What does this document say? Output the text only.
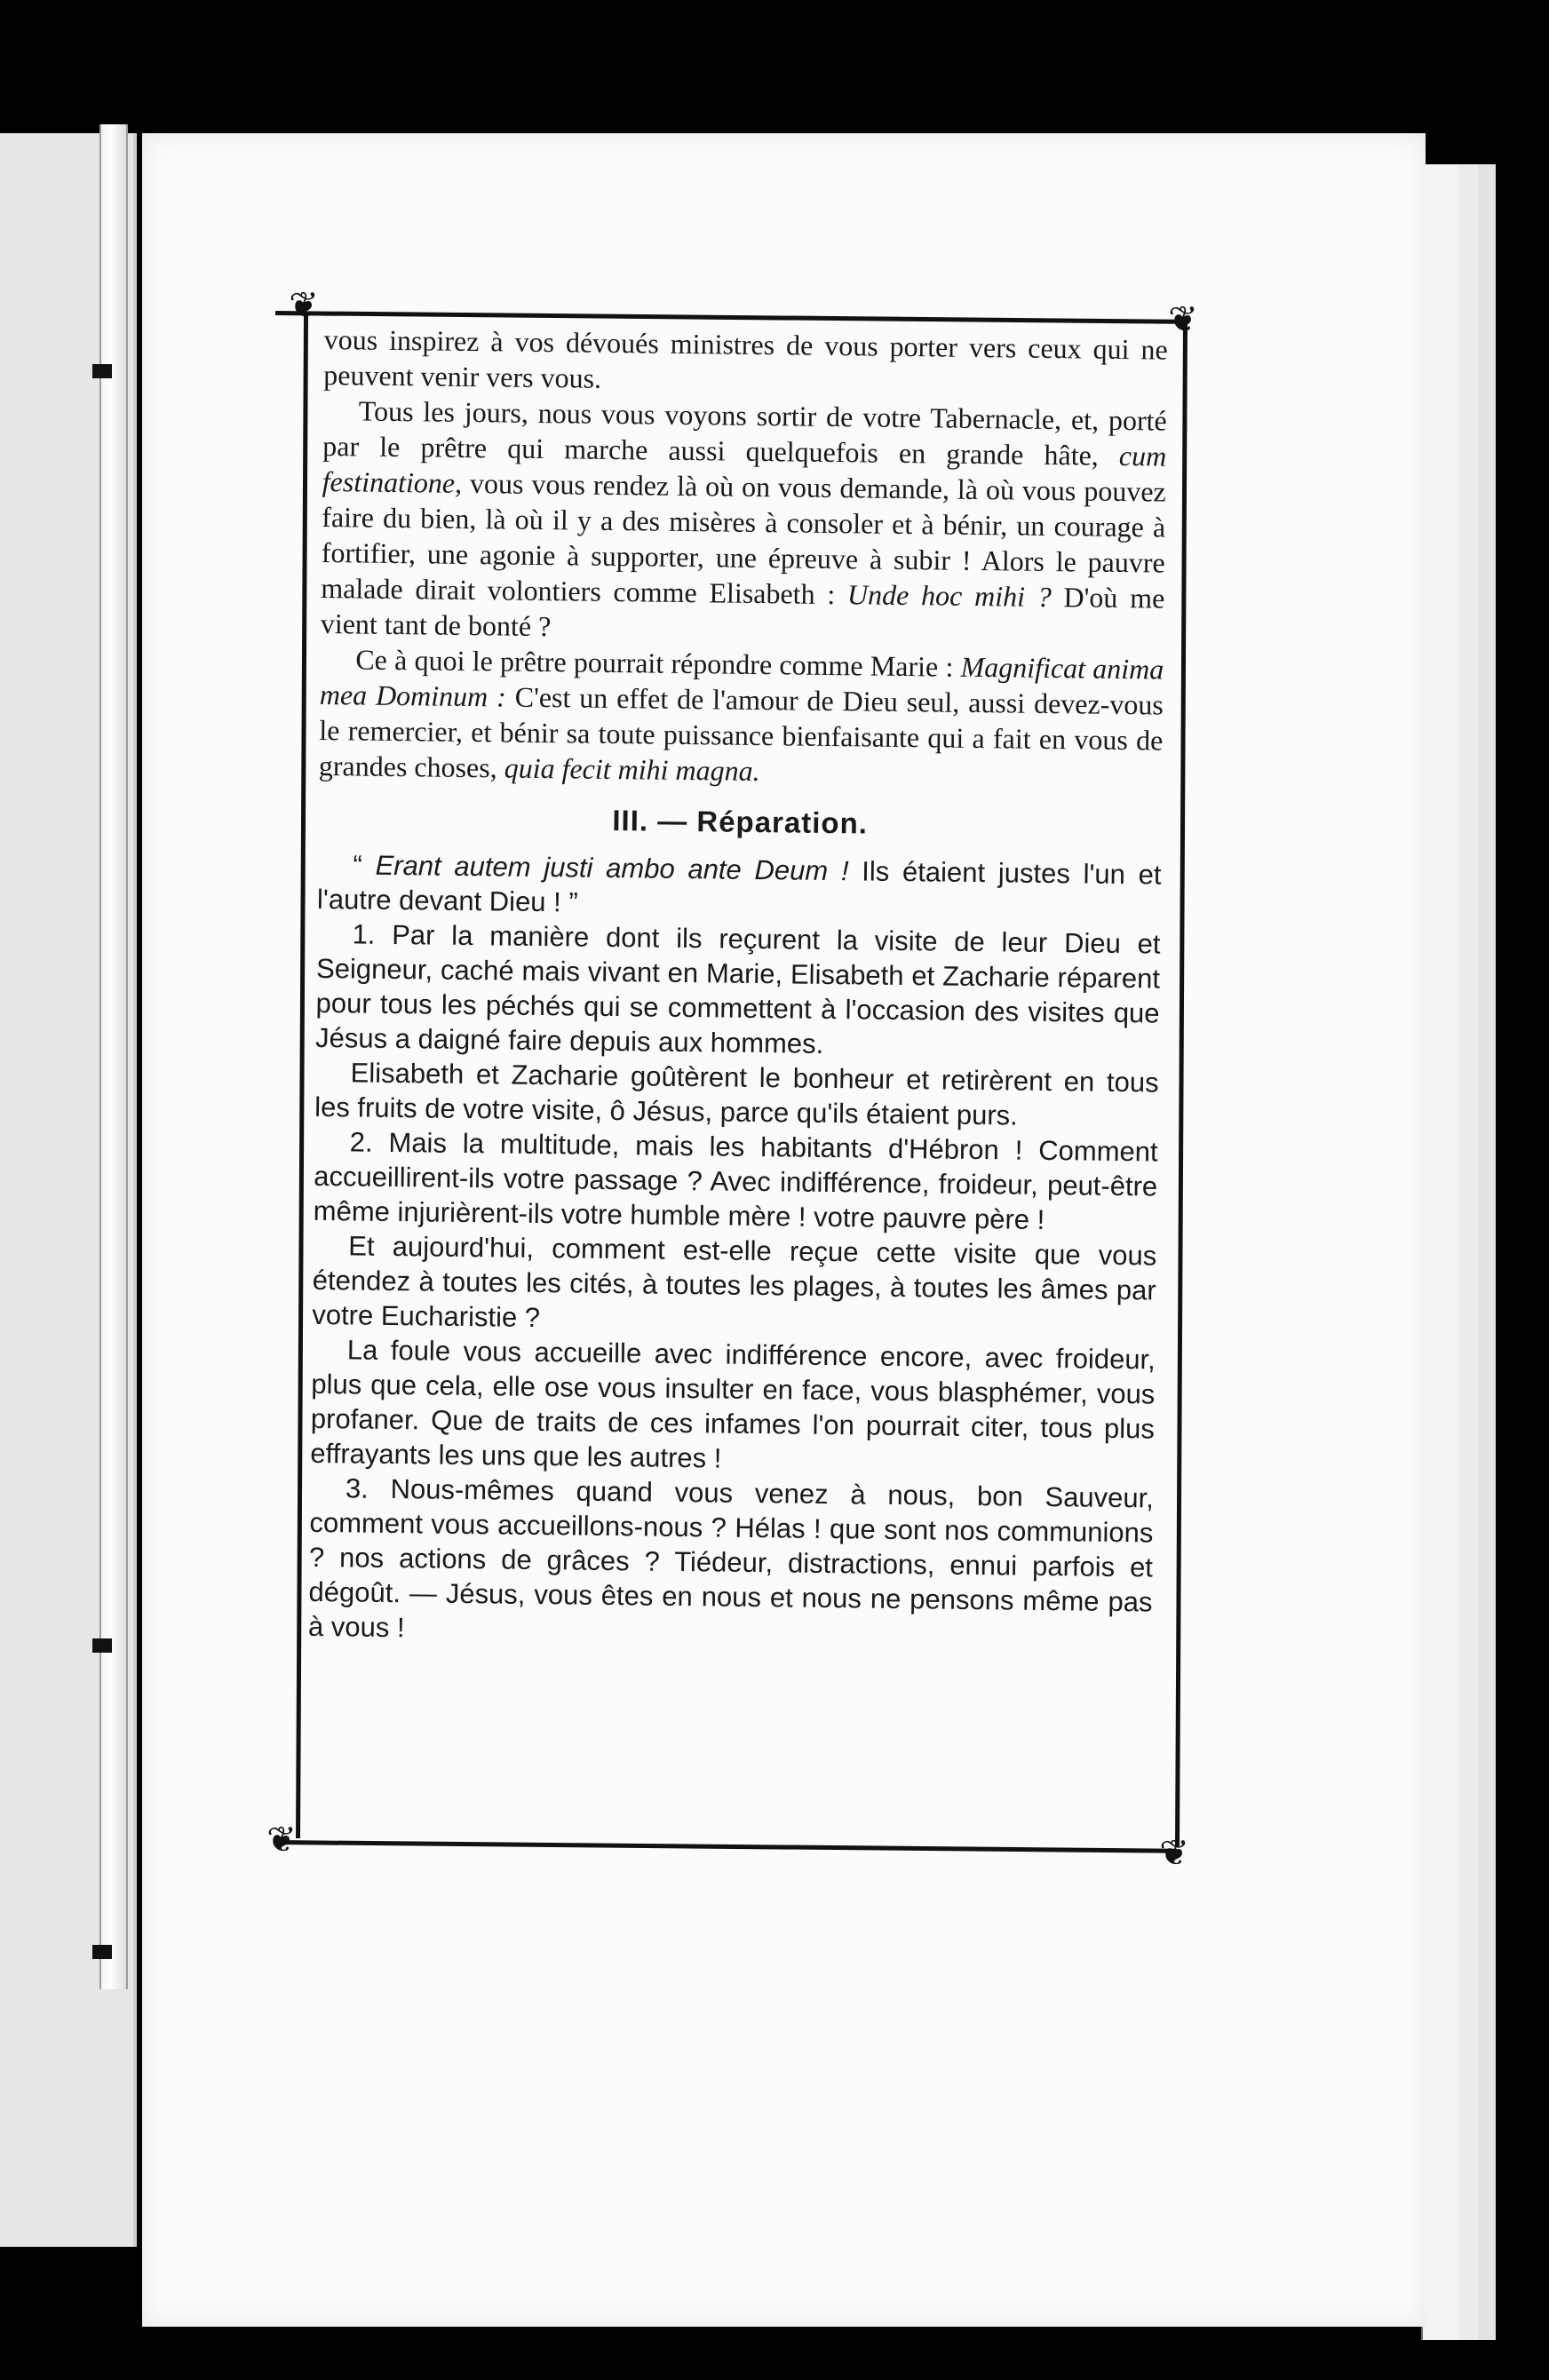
❦	❦
❦	❦

vous inspirez à vos dévoués ministres de vous porter vers ceux qui ne peuvent venir vers vous.

Tous les jours, nous vous voyons sortir de votre Tabernacle, et, porté par le prêtre qui marche aussi quelquefois en grande hâte, cum festinatione, vous vous rendez là où on vous demande, là où vous pouvez faire du bien, là où il y a des misères à consoler et à bénir, un courage à fortifier, une agonie à supporter, une épreuve à subir ! Alors le pauvre malade dirait volontiers comme Elisabeth : Unde hoc mihi ? D'où me vient tant de bonté ?

Ce à quoi le prêtre pourrait répondre comme Marie : Magnificat anima mea Dominum : C'est un effet de l'amour de Dieu seul, aussi devez-vous le remercier, et bénir sa toute puissance bienfaisante qui a fait en vous de grandes choses, quia fecit mihi magna.

III. — Réparation.

“ Erant autem justi ambo ante Deum ! Ils étaient justes l'un et l'autre devant Dieu ! ”

1. Par la manière dont ils reçurent la visite de leur Dieu et Seigneur, caché mais vivant en Marie, Elisabeth et Zacharie réparent pour tous les péchés qui se commettent à l'occasion des visites que Jésus a daigné faire depuis aux hommes.

Elisabeth et Zacharie goûtèrent le bonheur et retirèrent en tous les fruits de votre visite, ô Jésus, parce qu'ils étaient purs.

2. Mais la multitude, mais les habitants d'Hébron ! Comment accueillirent-ils votre passage ? Avec indifférence, froideur, peut-être même injurièrent-ils votre humble mère ! votre pauvre père !

Et aujourd'hui, comment est-elle reçue cette visite que vous étendez à toutes les cités, à toutes les plages, à toutes les âmes par votre Eucharistie ?

La foule vous accueille avec indifférence encore, avec froideur, plus que cela, elle ose vous insulter en face, vous blasphémer, vous profaner. Que de traits de ces infames l'on pourrait citer, tous plus effrayants les uns que les autres !

3. Nous-mêmes quand vous venez à nous, bon Sauveur, comment vous accueillons-nous ? Hélas ! que sont nos communions ? nos actions de grâces ? Tiédeur, distractions, ennui parfois et dégoût. — Jésus, vous êtes en nous et nous ne pensons même pas à vous !
